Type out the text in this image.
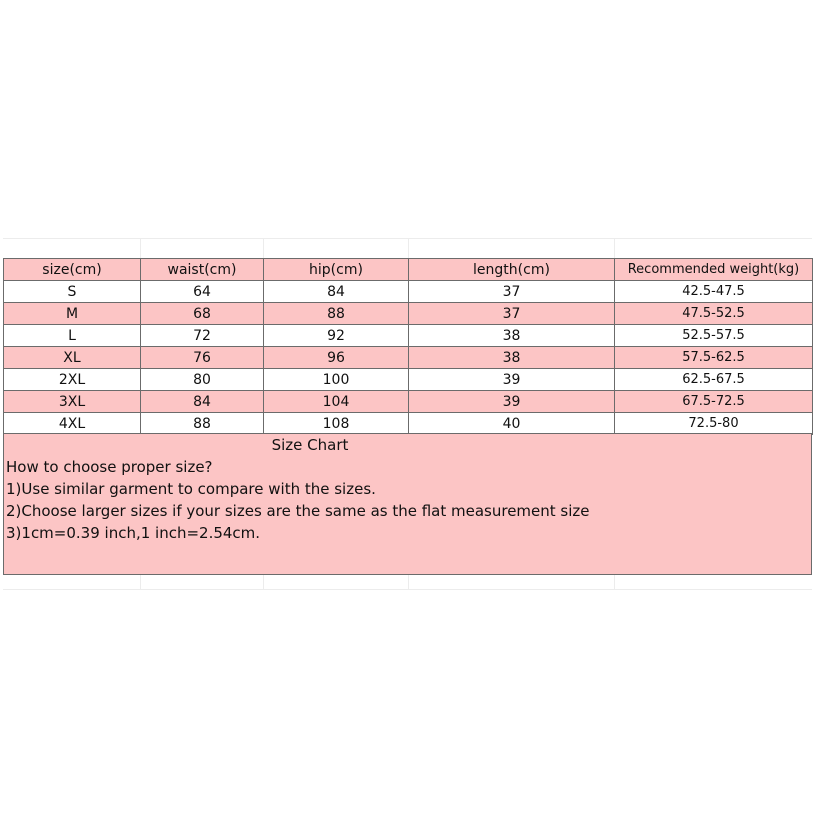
size(cm)	waist(cm)	hip(cm)	length(cm)	Recommended weight(kg)
S	64	84	37	42.5-47.5
M	68	88	37	47.5-52.5
L	72	92	38	52.5-57.5
XL	76	96	38	57.5-62.5
2XL	80	100	39	62.5-67.5
3XL	84	104	39	67.5-72.5
4XL	88	108	40	72.5-80
Size Chart
How to choose proper size?
1)Use similar garment to compare with the sizes.
2)Choose larger sizes if your sizes are the same as the flat measurement size
3)1cm=0.39 inch,1 inch=2.54cm.
